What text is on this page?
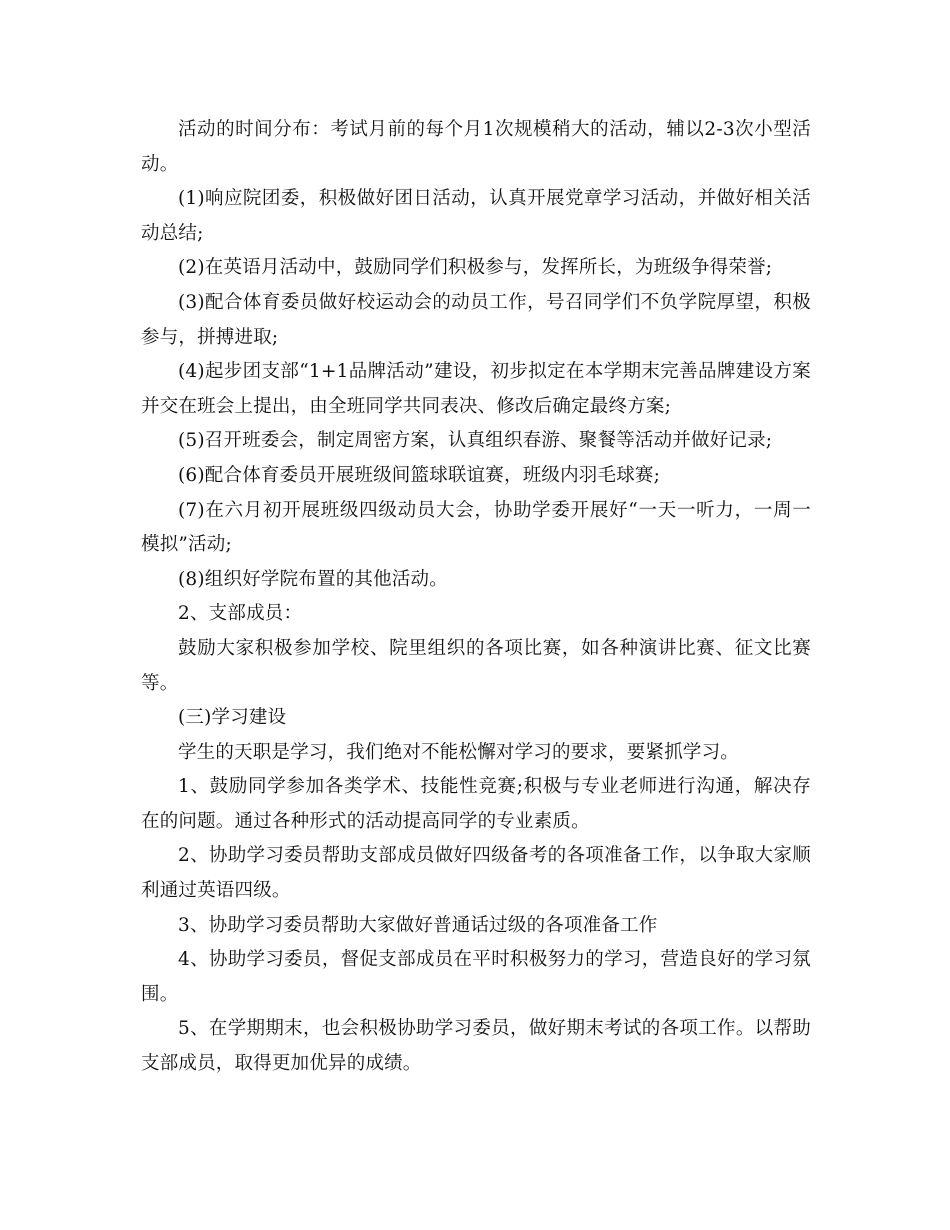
活动的时间分布：考试月前的每个月1次规模稍大的活动，辅以2-3次小型活动。

(1)响应院团委，积极做好团日活动，认真开展党章学习活动，并做好相关活动总结;

(2)在英语月活动中，鼓励同学们积极参与，发挥所长，为班级争得荣誉;

(3)配合体育委员做好校运动会的动员工作，号召同学们不负学院厚望，积极参与，拼搏进取;

(4)起步团支部“1+1品牌活动”建设，初步拟定在本学期末完善品牌建设方案并交在班会上提出，由全班同学共同表决、修改后确定最终方案;

(5)召开班委会，制定周密方案，认真组织春游、聚餐等活动并做好记录;

(6)配合体育委员开展班级间篮球联谊赛，班级内羽毛球赛;

(7)在六月初开展班级四级动员大会，协助学委开展好“一天一听力，一周一模拟”活动;

(8)组织好学院布置的其他活动。

2、支部成员：

鼓励大家积极参加学校、院里组织的各项比赛，如各种演讲比赛、征文比赛等。

(三)学习建设

学生的天职是学习，我们绝对不能松懈对学习的要求，要紧抓学习。

1、鼓励同学参加各类学术、技能性竞赛;积极与专业老师进行沟通，解决存在的问题。通过各种形式的活动提高同学的专业素质。

2、协助学习委员帮助支部成员做好四级备考的各项准备工作，以争取大家顺利通过英语四级。

3、协助学习委员帮助大家做好普通话过级的各项准备工作

4、协助学习委员，督促支部成员在平时积极努力的学习，营造良好的学习氛围。

5、在学期期末，也会积极协助学习委员，做好期末考试的各项工作。以帮助支部成员，取得更加优异的成绩。
